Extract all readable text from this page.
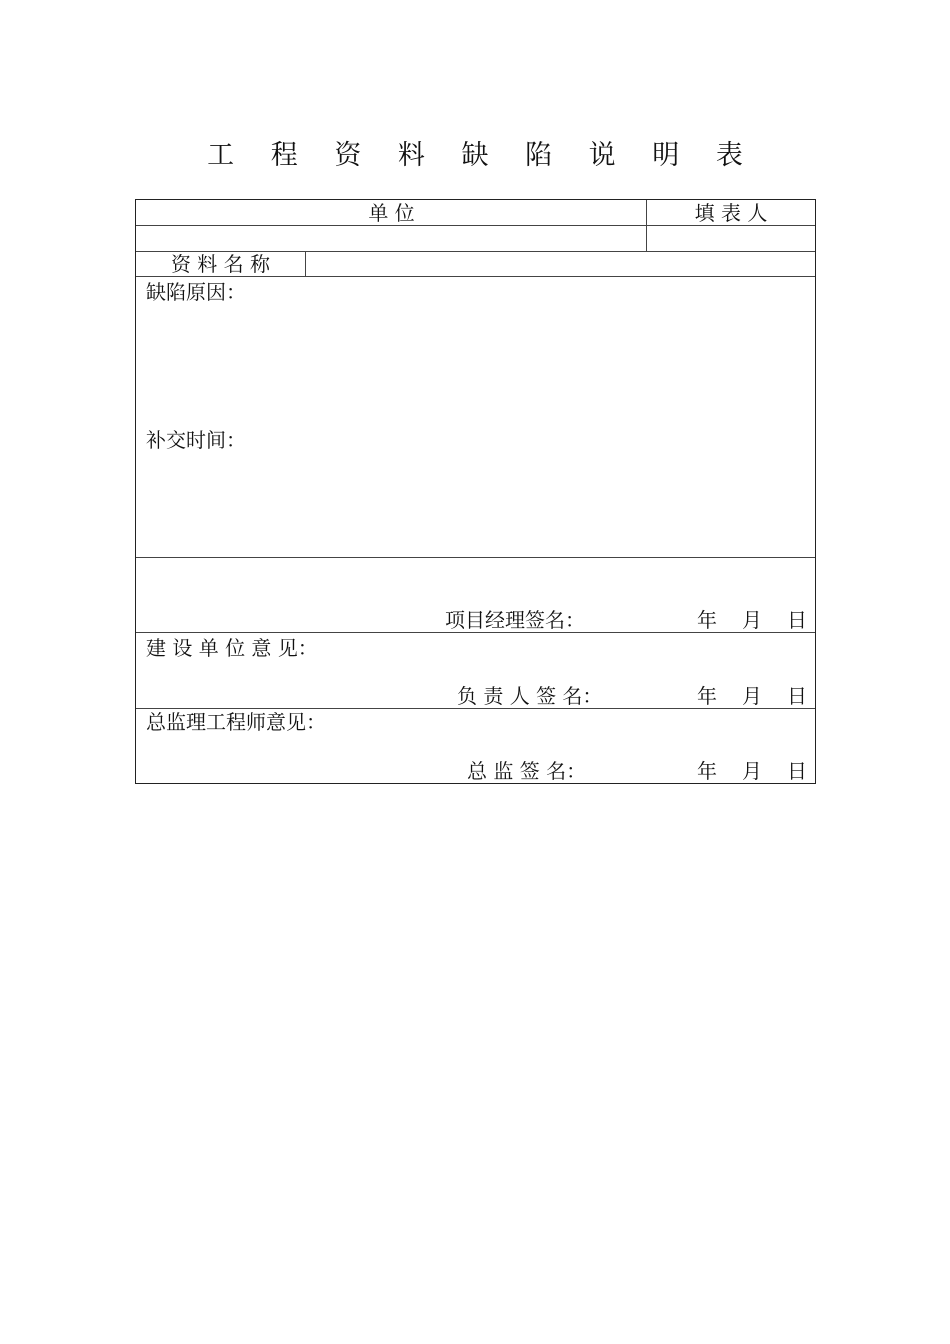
工 程 资 料 缺 陷 说 明 表
单 位	填 表 人
资 料 名 称
缺陷原因：
补交时间：
项目经理签名：	年 月 日
建 设 单 位 意 见：
负 责 人 签 名：	年 月 日
总监理工程师意见：
总 监 签 名：	年 月 日
